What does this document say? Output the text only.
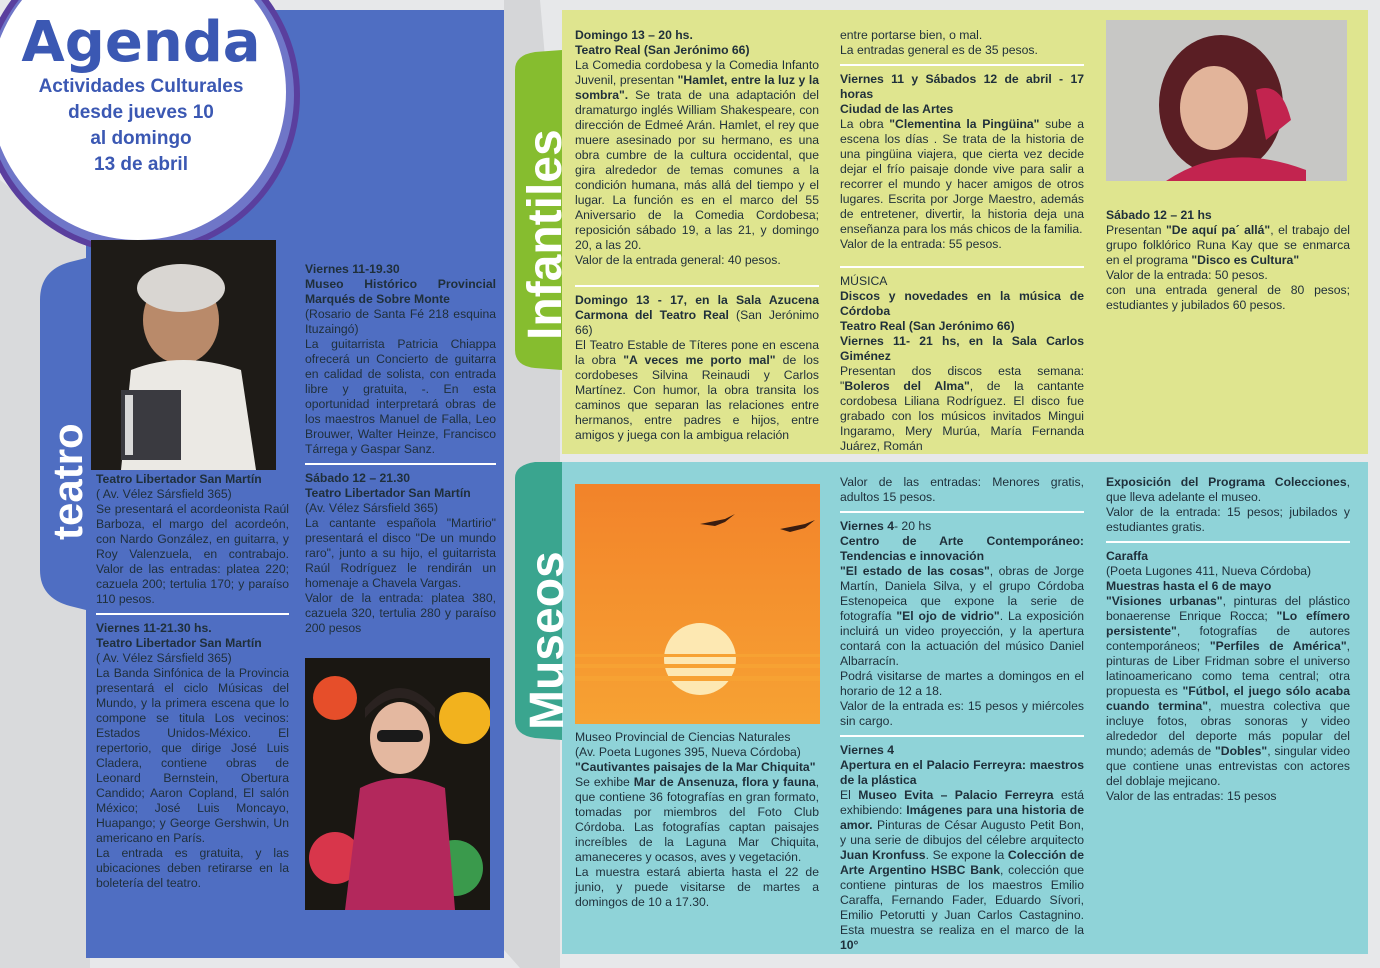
Agenda
Actividades Culturales
desde jueves 10
al domingo
13 de abril
teatro
Infantiles
Museos

Teatro Libertador San Martín

( Av. Vélez Sársfield 365)

Se presentará el acordeonista Raúl Barboza, el margo del acordeón, con Nardo González, en guitarra, y Roy Valenzuela, en contrabajo. Valor de las entradas: platea 220; cazuela 200; tertulia 170; y paraíso 110 pesos.

Viernes 11-21.30 hs.

Teatro Libertador San Martín

( Av. Vélez Sársfield 365)

La Banda Sinfónica de la Provincia presentará el ciclo Músicas del Mundo, y la primera escena que lo compone se titula Los vecinos: Estados Unidos-México. El repertorio, que dirige José Luis Cladera, contiene obras de Leonard Bernstein, Obertura Candido; Aaron Copland, El salón México; José Luis Moncayo, Huapango; y George Gershwin, Un americano en París.

La entrada es gratuita, y las ubicaciones deben retirarse en la boletería del teatro.

Viernes 11-19.30

Museo Histórico Provincial Marqués de Sobre Monte

(Rosario de Santa Fé 218 esquina Ituzaingó)

La guitarrista Patricia Chiappa ofrecerá un Concierto de guitarra en calidad de solista, con entrada libre y gratuita, -. En esta oportunidad interpretará obras de los maestros Manuel de Falla, Leo Brouwer, Walter Heinze, Francisco Tárrega y Gaspar Sanz.

Sábado 12 – 21.30

Teatro Libertador San Martín

(Av. Vélez Sársfield 365)

La cantante española "Martirio" presentará el disco "De un mundo raro", junto a su hijo, el guitarrista Raúl Rodríguez le rendirán un homenaje a Chavela Vargas.

Valor de la entrada: platea 380, cazuela 320, tertulia 280 y paraíso 200 pesos

Domingo 13 – 20 hs.

Teatro Real (San Jerónimo 66)

La Comedia cordobesa y la Comedia Infanto Juvenil, presentan "Hamlet, entre la luz y la sombra". Se trata de una adaptación del dramaturgo inglés William Shakespeare, con dirección de Edmeé Arán. Hamlet, el rey que muere asesinado por su hermano, es una obra cumbre de la cultura occidental, que gira alrededor de temas comunes a la condición humana, más allá del tiempo y el lugar. La función es en el marco del 55 Aniversario de la Comedia Cordobesa; reposición sábado 19, a las 21, y domingo 20, a las 20.

Valor de la entrada general: 40 pesos.

Domingo 13 - 17, en la Sala Azucena Carmona del Teatro Real (San Jerónimo 66)

El Teatro Estable de Títeres pone en escena la obra "A veces me porto mal" de los cordobeses Silvina Reinaudi y Carlos Martínez. Con humor, la obra transita los caminos que separan las relaciones entre hermanos, entre padres e hijos, entre amigos y juega con la ambigua relación

entre portarse bien, o mal.

La entradas general es de 35 pesos.

Viernes 11 y Sábados 12 de abril - 17 horas

Ciudad de las Artes

La obra "Clementina la Pingüina" sube a escena los días . Se trata de la historia de una pingüina viajera, que cierta vez decide dejar el frío paisaje donde vive para salir a recorrer el mundo y hacer amigos de otros lugares. Escrita por Jorge Maestro, además de entretener, divertir, la historia deja una enseñanza para los más chicos de la familia.

Valor de la entrada: 55 pesos.

MÚSICA

Discos y novedades en la música de Córdoba

Teatro Real (San Jerónimo 66)

Viernes 11- 21 hs, en la Sala Carlos Giménez

Presentan dos discos esta semana: "Boleros del Alma", de la cantante cordobesa Liliana Rodríguez. El disco fue grabado con los músicos invitados Mingui Ingaramo, Mery Murúa, María Fernanda Juárez, Román

Sábado 12 – 21 hs

Presentan "De aquí pa´ allá", el trabajo del grupo folklórico Runa Kay que se enmarca en el programa "Disco es Cultura"

Valor de la entrada: 50 pesos.

con una entrada general de 80 pesos; estudiantes y jubilados 60 pesos.

Museo Provincial de Ciencias Naturales

(Av. Poeta Lugones 395, Nueva Córdoba)

"Cautivantes paisajes de la Mar Chiquita"

Se exhibe Mar de Ansenuza, flora y fauna, que contiene 36 fotografías en gran formato, tomadas por miembros del Foto Club Córdoba. Las fotografías captan paisajes increíbles de la Laguna Mar Chiquita, amaneceres y ocasos, aves y vegetación.

La muestra estará abierta hasta el 22 de junio, y puede visitarse de martes a domingos de 10 a 17.30.

Valor de las entradas: Menores gratis, adultos 15 pesos.

Viernes 4- 20 hs

Centro de Arte Contemporáneo: Tendencias e innovación

"El estado de las cosas", obras de Jorge Martín, Daniela Silva, y el grupo Córdoba Estenopeica que expone la serie de fotografía "El ojo de vidrio". La exposición incluirá un video proyección, y la apertura contará con la actuación del músico Daniel Albarracín.

Podrá visitarse de martes a domingos en el horario de 12 a 18.

Valor de la entrada es: 15 pesos y miércoles sin cargo.

Viernes 4

Apertura en el Palacio Ferreyra: maestros de la plástica

El Museo Evita – Palacio Ferreyra está exhibiendo: Imágenes para una historia de amor. Pinturas de César Augusto Petit Bon, y una serie de dibujos del célebre arquitecto Juan Kronfuss. Se expone la Colección de Arte Argentino HSBC Bank, colección que contiene pinturas de los maestros Emilio Caraffa, Fernando Fader, Eduardo Sívori, Emilio Petorutti y Juan Carlos Castagnino. Esta muestra se realiza en el marco de la 10°

Exposición del Programa Colecciones, que lleva adelante el museo.

Valor de la entrada: 15 pesos; jubilados y estudiantes gratis.

Caraffa

(Poeta Lugones 411, Nueva Córdoba)

Muestras hasta el 6 de mayo

"Visiones urbanas", pinturas del plástico bonaerense Enrique Rocca; "Lo efímero persistente", fotografías de autores contemporáneos; "Perfiles de América", pinturas de Liber Fridman sobre el universo latinoamericano como tema central; otra propuesta es "Fútbol, el juego sólo acaba cuando termina", muestra colectiva que incluye fotos, obras sonoras y video alrededor del deporte más popular del mundo; además de "Dobles", singular video que contiene unas entrevistas con actores del doblaje mejicano.

Valor de las entradas: 15 pesos
